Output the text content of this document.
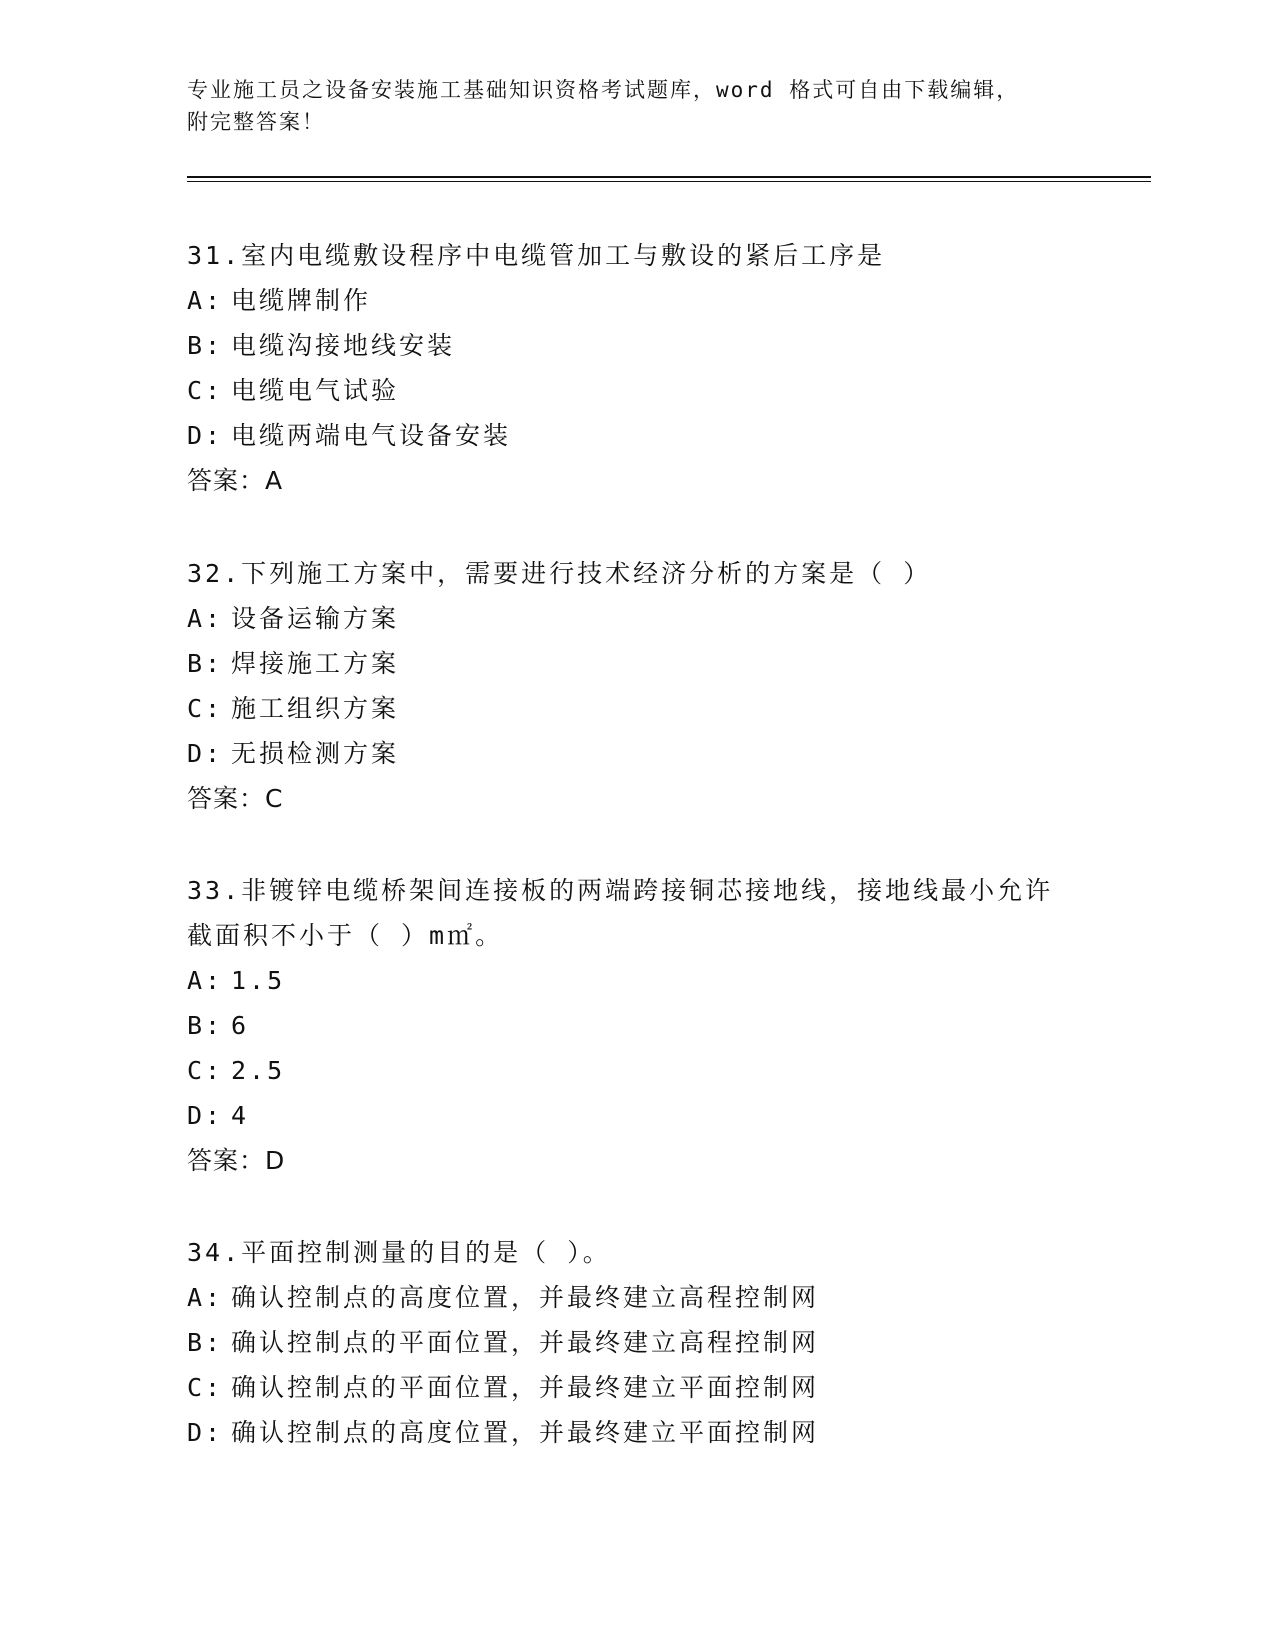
专业施工员之设备安装施工基础知识资格考试题库，word 格式可自由下载编辑，
附完整答案！
31.室内电缆敷设程序中电缆管加工与敷设的紧后工序是
A: 电缆牌制作
B: 电缆沟接地线安装
C: 电缆电气试验
D: 电缆两端电气设备安装
答案：A
32.下列施工方案中，需要进行技术经济分析的方案是（ ）
A: 设备运输方案
B: 焊接施工方案
C: 施工组织方案
D: 无损检测方案
答案：C
33.非镀锌电缆桥架间连接板的两端跨接铜芯接地线，接地线最小允许
截面积不小于（ ）m㎡。
A: 1.5
B: 6
C: 2.5
D: 4
答案：D
34.平面控制测量的目的是（ ）。
A: 确认控制点的高度位置，并最终建立高程控制网
B: 确认控制点的平面位置，并最终建立高程控制网
C: 确认控制点的平面位置，并最终建立平面控制网
D: 确认控制点的高度位置，并最终建立平面控制网
